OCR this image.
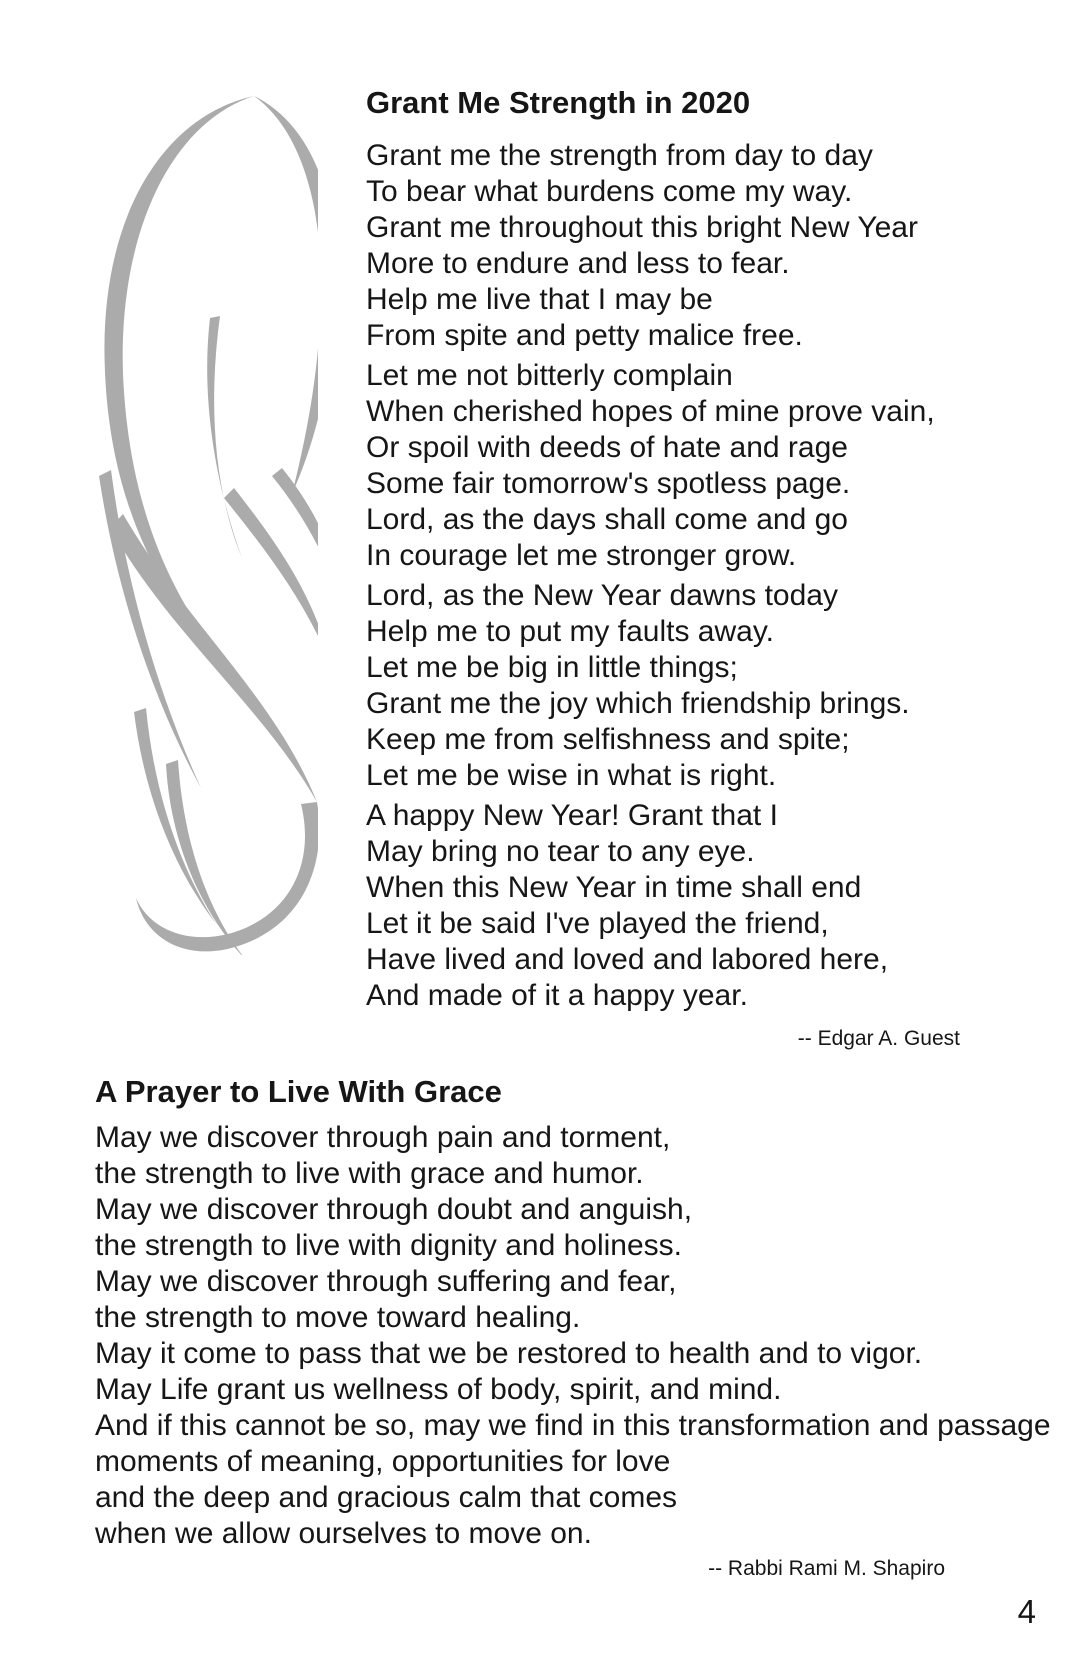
Grant Me Strength in 2020
Grant me the strength from day to day
To bear what burdens come my way.
Grant me throughout this bright New Year
More to endure and less to fear.
Help me live that I may be
From spite and petty malice free.
Let me not bitterly complain
When cherished hopes of mine prove vain,
Or spoil with deeds of hate and rage
Some fair tomorrow's spotless page.
Lord, as the days shall come and go
In courage let me stronger grow.
Lord, as the New Year dawns today
Help me to put my faults away.
Let me be big in little things;
Grant me the joy which friendship brings.
Keep me from selfishness and spite;
Let me be wise in what is right.
A happy New Year! Grant that I
May bring no tear to any eye.
When this New Year in time shall end
Let it be said I've played the friend,
Have lived and loved and labored here,
And made of it a happy year.
-- Edgar A. Guest
A Prayer to Live With Grace
May we discover through pain and torment,
the strength to live with grace and humor.
May we discover through doubt and anguish,
the strength to live with dignity and holiness.
May we discover through suffering and fear,
the strength to move toward healing.
May it come to pass that we be restored to health and to vigor.
May Life grant us wellness of body, spirit, and mind.
And if this cannot be so, may we find in this transformation and passage
moments of meaning, opportunities for love
and the deep and gracious calm that comes
when we allow ourselves to move on.
-- Rabbi Rami M. Shapiro
4
